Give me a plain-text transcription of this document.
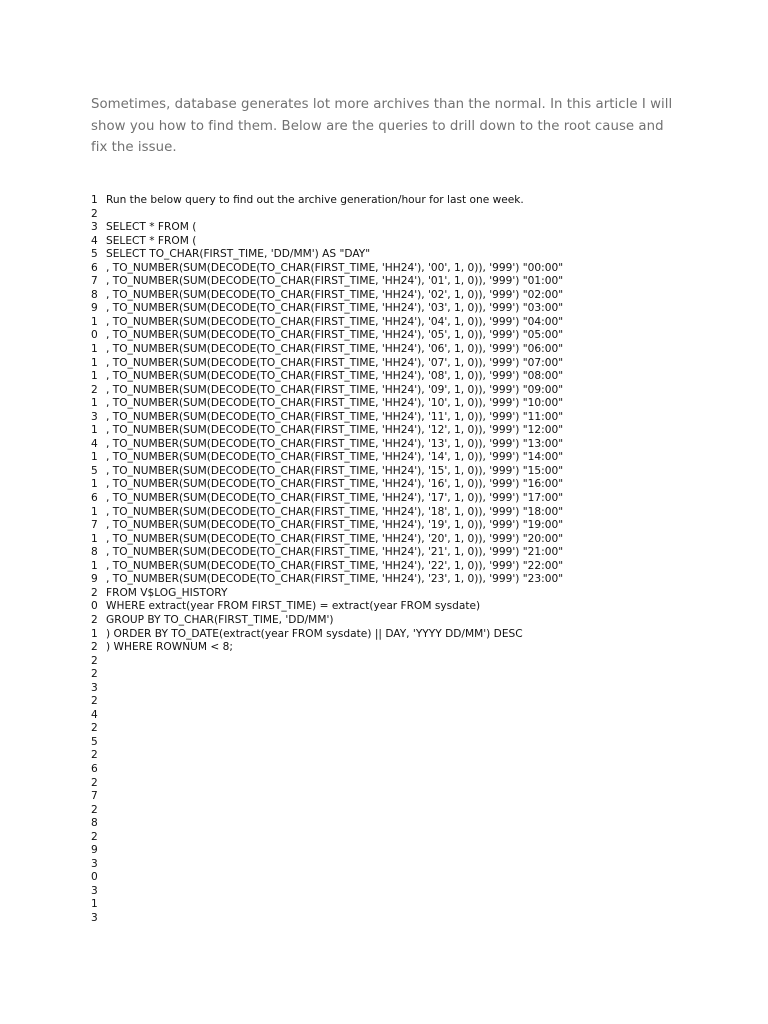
Sometimes, database generates lot more archives than the normal. In this article I will
show you how to find them. Below are the queries to drill down to the root cause and
fix the issue.
1 Run the below query to find out the archive generation/hour for last one week.
2
3 SELECT * FROM (
4 SELECT * FROM (
5 SELECT TO_CHAR(FIRST_TIME, 'DD/MM') AS "DAY"
6 , TO_NUMBER(SUM(DECODE(TO_CHAR(FIRST_TIME, 'HH24'), '00', 1, 0)), '999') "00:00"
7 , TO_NUMBER(SUM(DECODE(TO_CHAR(FIRST_TIME, 'HH24'), '01', 1, 0)), '999') "01:00"
8 , TO_NUMBER(SUM(DECODE(TO_CHAR(FIRST_TIME, 'HH24'), '02', 1, 0)), '999') "02:00"
9 , TO_NUMBER(SUM(DECODE(TO_CHAR(FIRST_TIME, 'HH24'), '03', 1, 0)), '999') "03:00"
1 , TO_NUMBER(SUM(DECODE(TO_CHAR(FIRST_TIME, 'HH24'), '04', 1, 0)), '999') "04:00"
0 , TO_NUMBER(SUM(DECODE(TO_CHAR(FIRST_TIME, 'HH24'), '05', 1, 0)), '999') "05:00"
1 , TO_NUMBER(SUM(DECODE(TO_CHAR(FIRST_TIME, 'HH24'), '06', 1, 0)), '999') "06:00"
1 , TO_NUMBER(SUM(DECODE(TO_CHAR(FIRST_TIME, 'HH24'), '07', 1, 0)), '999') "07:00"
1 , TO_NUMBER(SUM(DECODE(TO_CHAR(FIRST_TIME, 'HH24'), '08', 1, 0)), '999') "08:00"
2 , TO_NUMBER(SUM(DECODE(TO_CHAR(FIRST_TIME, 'HH24'), '09', 1, 0)), '999') "09:00"
1 , TO_NUMBER(SUM(DECODE(TO_CHAR(FIRST_TIME, 'HH24'), '10', 1, 0)), '999') "10:00"
3 , TO_NUMBER(SUM(DECODE(TO_CHAR(FIRST_TIME, 'HH24'), '11', 1, 0)), '999') "11:00"
1 , TO_NUMBER(SUM(DECODE(TO_CHAR(FIRST_TIME, 'HH24'), '12', 1, 0)), '999') "12:00"
4 , TO_NUMBER(SUM(DECODE(TO_CHAR(FIRST_TIME, 'HH24'), '13', 1, 0)), '999') "13:00"
1 , TO_NUMBER(SUM(DECODE(TO_CHAR(FIRST_TIME, 'HH24'), '14', 1, 0)), '999') "14:00"
5 , TO_NUMBER(SUM(DECODE(TO_CHAR(FIRST_TIME, 'HH24'), '15', 1, 0)), '999') "15:00"
1 , TO_NUMBER(SUM(DECODE(TO_CHAR(FIRST_TIME, 'HH24'), '16', 1, 0)), '999') "16:00"
6 , TO_NUMBER(SUM(DECODE(TO_CHAR(FIRST_TIME, 'HH24'), '17', 1, 0)), '999') "17:00"
1 , TO_NUMBER(SUM(DECODE(TO_CHAR(FIRST_TIME, 'HH24'), '18', 1, 0)), '999') "18:00"
7 , TO_NUMBER(SUM(DECODE(TO_CHAR(FIRST_TIME, 'HH24'), '19', 1, 0)), '999') "19:00"
1 , TO_NUMBER(SUM(DECODE(TO_CHAR(FIRST_TIME, 'HH24'), '20', 1, 0)), '999') "20:00"
8 , TO_NUMBER(SUM(DECODE(TO_CHAR(FIRST_TIME, 'HH24'), '21', 1, 0)), '999') "21:00"
1 , TO_NUMBER(SUM(DECODE(TO_CHAR(FIRST_TIME, 'HH24'), '22', 1, 0)), '999') "22:00"
9 , TO_NUMBER(SUM(DECODE(TO_CHAR(FIRST_TIME, 'HH24'), '23', 1, 0)), '999') "23:00"
2 FROM V$LOG_HISTORY
0 WHERE extract(year FROM FIRST_TIME) = extract(year FROM sysdate)
2 GROUP BY TO_CHAR(FIRST_TIME, 'DD/MM')
1 ) ORDER BY TO_DATE(extract(year FROM sysdate) || DAY, 'YYYY DD/MM') DESC
2 ) WHERE ROWNUM < 8;
2
2
3
2
4
2
5
2
6
2
7
2
8
2
9
3
0
3
1
3
